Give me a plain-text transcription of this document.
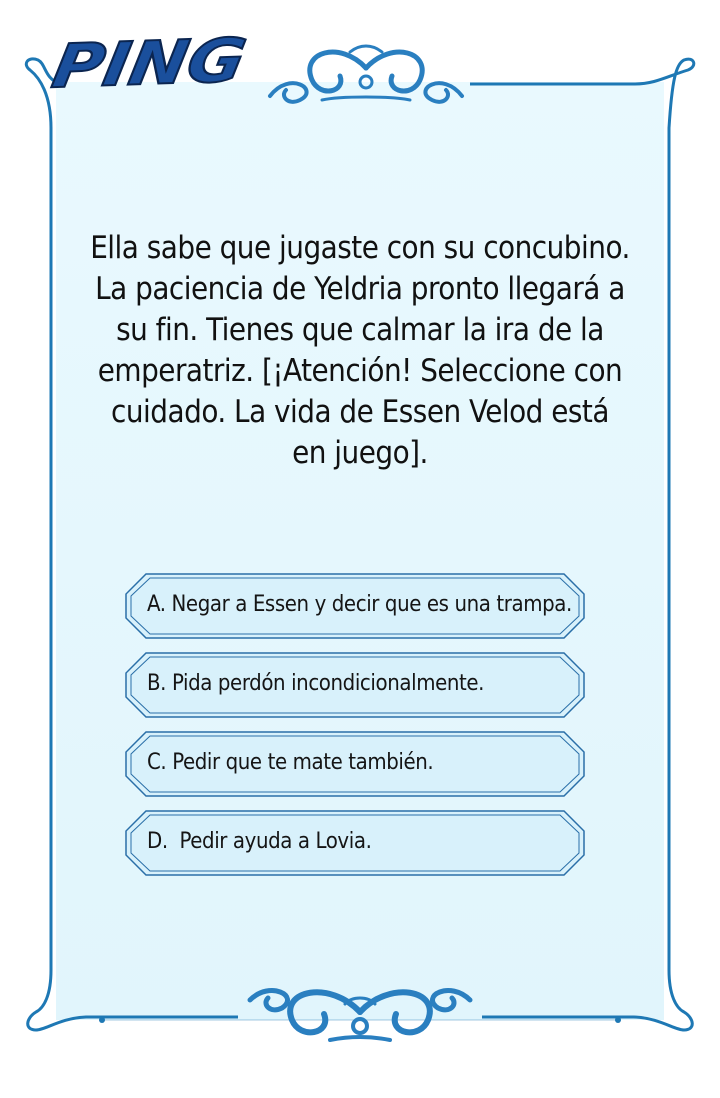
PING
Ella sabe que jugaste con su concubino. La paciencia de Yeldria pronto llegará a su fin. Tienes que calmar la ira de la emperatriz. [¡Atención! Seleccione con cuidado. La vida de Essen Velod está en juego].
A. Negar a Essen y decir que es una trampa.
B. Pida perdón incondicionalmente.
C. Pedir que te mate también.
D.  Pedir ayuda a Lovia.
